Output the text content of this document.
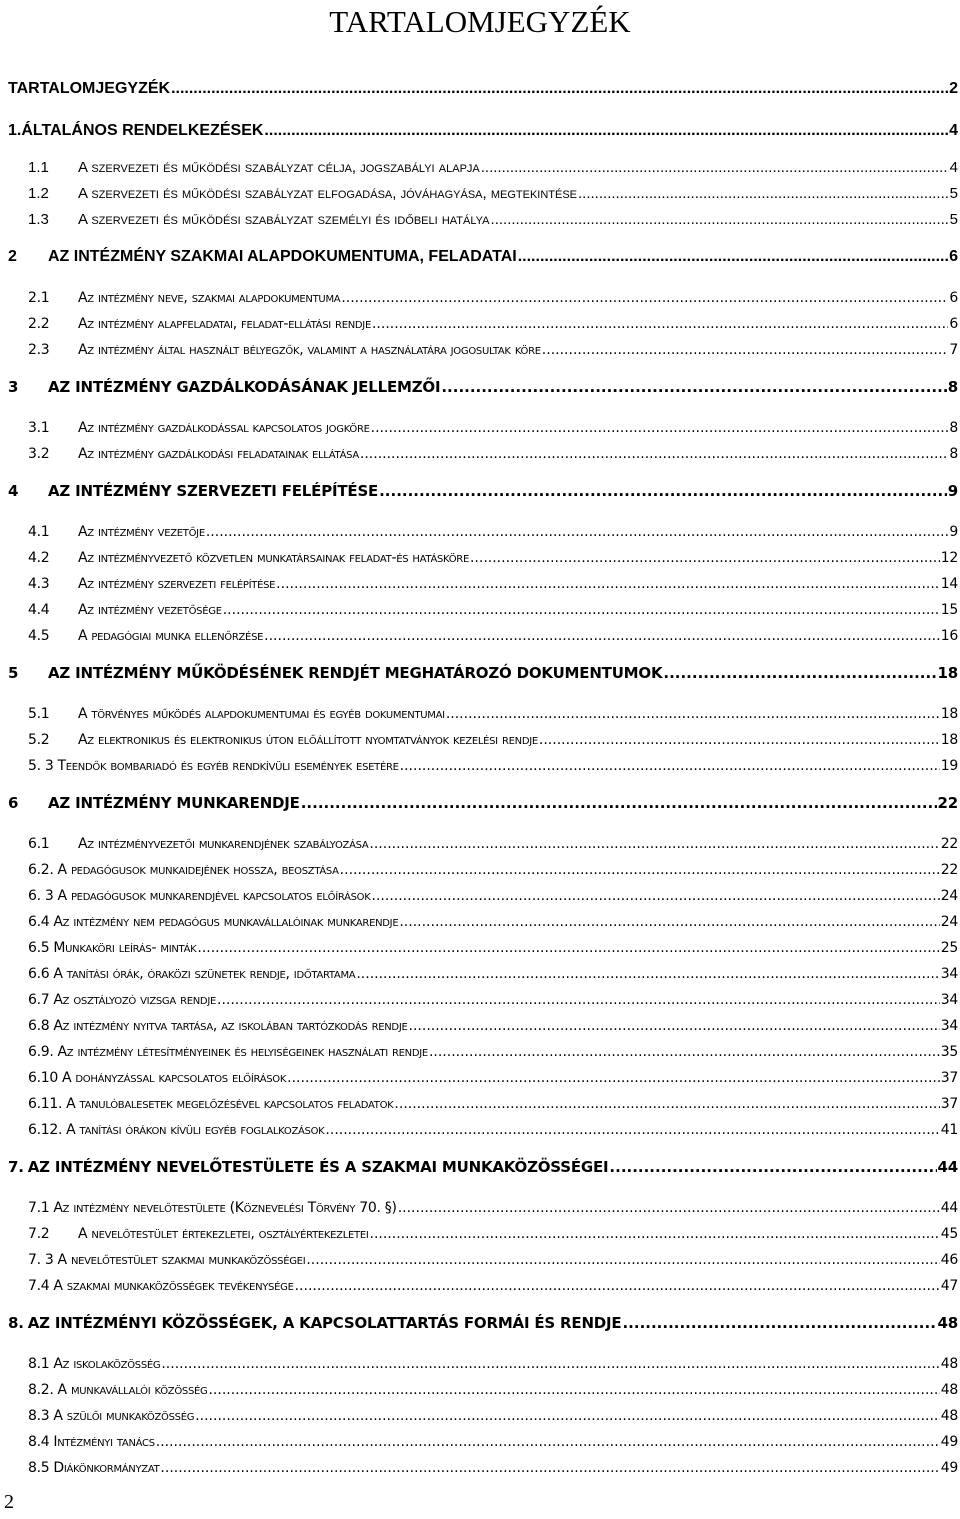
TARTALOMJEGYZÉK
TARTALOMJEGYZÉK .....	2
1.ÁLTALÁNOS RENDELKEZÉSEK .....	4
1.1	A szervezeti és működési szabályzat célja, jogszabályi alapja .....	4
1.2	A szervezeti és működési szabályzat elfogadása, jóváhagyása, megtekintése .....	5
1.3	A szervezeti és működési szabályzat személyi és időbeli hatálya .....	5
2	AZ INTÉZMÉNY SZAKMAI ALAPDOKUMENTUMA, FELADATAI .....	6
2.1	Az intézmény neve, szakmai alapdokumentuma .....	6
2.2	Az intézmény alapfeladatai, feladat-ellátási rendje .....	6
2.3	Az intézmény által használt bélyegzők, valamint a használatára jogosultak köre .....	7
3	AZ INTÉZMÉNY GAZDÁLKODÁSÁNAK JELLEMZŐI .....	8
3.1	Az intézmény gazdálkodással kapcsolatos jogköre .....	8
3.2	Az intézmény gazdálkodási feladatainak ellátása .....	8
4	AZ INTÉZMÉNY SZERVEZETI FELÉPÍTÉSE .....	9
4.1	Az intézmény vezetője .....	9
4.2	Az intézményvezető közvetlen munkatársainak feladat-és hatásköre .....	12
4.3	Az intézmény szervezeti felépítése .....	14
4.4	Az intézmény vezetősége .....	15
4.5	A pedagógiai munka ellenőrzése .....	16
5	AZ INTÉZMÉNY MŰKÖDÉSÉNEK RENDJÉT MEGHATÁROZÓ DOKUMENTUMOK .....	18
5.1	A törvényes működés alapdokumentumai és egyéb dokumentumai .....	18
5.2	Az elektronikus és elektronikus úton előállított nyomtatványok kezelési rendje .....	18
5. 3 Teendők bombariadó és egyéb rendkívüli események esetére .....	19
6	AZ INTÉZMÉNY MUNKARENDJE .....	22
6.1	Az intézményvezetői munkarendjének szabályozása .....	22
6.2. A pedagógusok munkaidejének hossza, beosztása .....	22
6. 3 A pedagógusok munkarendjével kapcsolatos előírások .....	24
6.4 Az intézmény nem pedagógus munkavállalóinak munkarendje .....	24
6.5 Munkaköri leírás- minták .....	25
6.6 A tanítási órák, óraközi szünetek rendje, időtartama .....	34
6.7 Az osztályozó vizsga rendje .....	34
6.8 Az intézmény nyitva tartása, az iskolában tartózkodás rendje .....	34
6.9. Az intézmény létesítményeinek és helyiségeinek használati rendje .....	35
6.10 A dohányzással kapcsolatos előírások .....	37
6.11. A tanulóbalesetek megelőzésével kapcsolatos feladatok .....	37
6.12. A tanítási órákon kívüli egyéb foglalkozások .....	41
7. AZ INTÉZMÉNY NEVELŐTESTÜLETE ÉS A SZAKMAI MUNKAKÖZÖSSÉGEI .....	44
7.1 Az intézmény nevelőtestülete (Köznevelési Törvény 70. §) .....	44
7.2	A nevelőtestület értekezletei, osztályértekezletei .....	45
7. 3 A nevelőtestület szakmai munkaközösségei .....	46
7.4 A szakmai munkaközösségek tevékenysége .....	47
8. AZ INTÉZMÉNYI KÖZÖSSÉGEK, A KAPCSOLATTARTÁS FORMÁI ÉS RENDJE .....	48
8.1 Az iskolaközösség .....	48
8.2. A munkavállalói közösség .....	48
8.3 A szülői munkaközösség .....	48
8.4 Intézményi tanács .....	49
8.5 Diákönkormányzat .....	49
2
